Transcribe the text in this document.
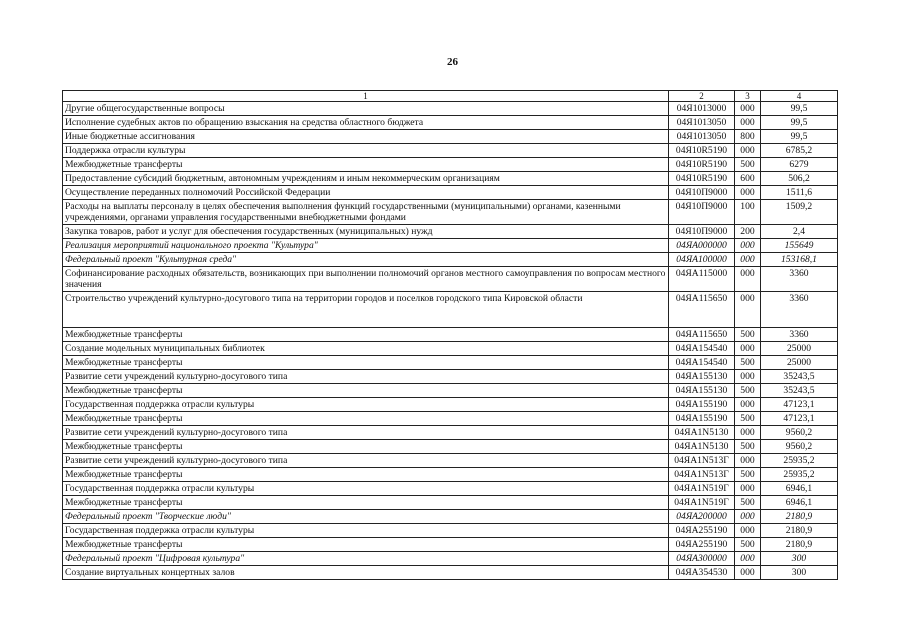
26
1	2	3	4
Другие общегосударственные вопросы	04Я1013000	000	99,5
Исполнение судебных актов по обращению взыскания на средства областного бюджета	04Я1013050	000	99,5
Иные бюджетные ассигнования	04Я1013050	800	99,5
Поддержка отрасли культуры	04Я10R5190	000	6785,2
Межбюджетные трансферты	04Я10R5190	500	6279
Предоставление субсидий бюджетным, автономным учреждениям и иным некоммерческим организациям	04Я10R5190	600	506,2
Осуществление переданных полномочий Российской Федерации	04Я10П9000	000	1511,6
Расходы на выплаты персоналу в целях обеспечения выполнения функций государственными (муниципальными) органами, казенными учреждениями, органами управления государственными внебюджетными фондами	04Я10П9000	100	1509,2
Закупка товаров, работ и услуг для обеспечения государственных (муниципальных) нужд	04Я10П9000	200	2,4
Реализация мероприятий национального проекта "Культура"	04ЯА000000	000	155649
Федеральный проект "Культурная среда"	04ЯА100000	000	153168,1
Софинансирование расходных обязательств, возникающих при выполнении полномочий органов местного самоуправления по вопросам местного значения	04ЯА115000	000	3360
Строительство учреждений культурно-досугового типа на территории городов и поселков городского типа Кировской области	04ЯА115650	000	3360
Межбюджетные трансферты	04ЯА115650	500	3360
Создание модельных муниципальных библиотек	04ЯА154540	000	25000
Межбюджетные трансферты	04ЯА154540	500	25000
Развитие сети учреждений культурно-досугового типа	04ЯА155130	000	35243,5
Межбюджетные трансферты	04ЯА155130	500	35243,5
Государственная поддержка отрасли культуры	04ЯА155190	000	47123,1
Межбюджетные трансферты	04ЯА155190	500	47123,1
Развитие сети учреждений культурно-досугового типа	04ЯА1N5130	000	9560,2
Межбюджетные трансферты	04ЯА1N5130	500	9560,2
Развитие сети учреждений культурно-досугового типа	04ЯА1N513Г	000	25935,2
Межбюджетные трансферты	04ЯА1N513Г	500	25935,2
Государственная поддержка отрасли культуры	04ЯА1N519Г	000	6946,1
Межбюджетные трансферты	04ЯА1N519Г	500	6946,1
Федеральный проект "Творческие люди"	04ЯА200000	000	2180,9
Государственная поддержка отрасли культуры	04ЯА255190	000	2180,9
Межбюджетные трансферты	04ЯА255190	500	2180,9
Федеральный проект "Цифровая культура"	04ЯА300000	000	300
Создание виртуальных концертных залов	04ЯА354530	000	300
